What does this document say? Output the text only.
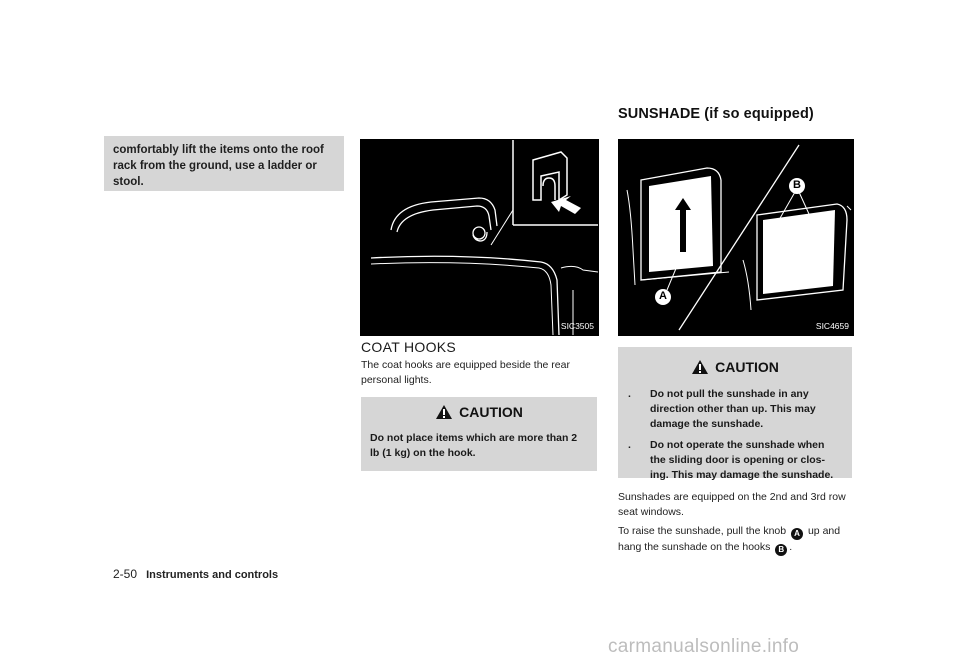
comfortably lift the items onto the roof rack from the ground, use a ladder or stool.
SUNSHADE (if so equipped)
SIC3505
A
B
SIC4659
COAT HOOKS
The coat hooks are equipped beside the rear personal lights.
CAUTION
Do not place items which are more than 2 lb (1 kg) on the hook.
CAUTION
.	Do not pull the sunshade in any direction other than up. This may damage the sunshade.
.	Do not operate the sunshade when the sliding door is opening or clos-ing. This may damage the sunshade.
Sunshades are equipped on the 2nd and 3rd row seat windows.
To raise the sunshade, pull the knob A up and hang the sunshade on the hooks B .
2-50 Instruments and controls
carmanualsonline.info
